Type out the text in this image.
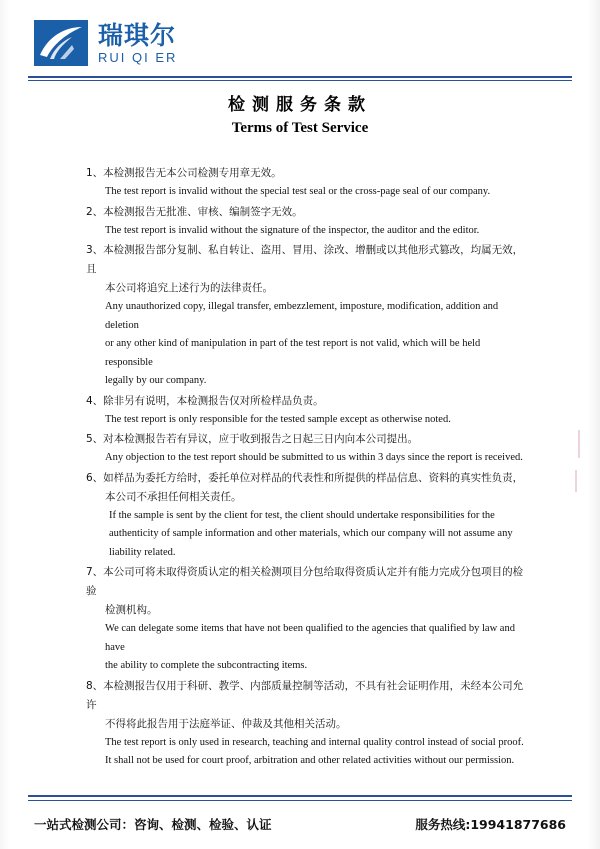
瑞琪尔
RUI QI ER
检测服务条款
Terms of Test Service
1、本检测报告无本公司检测专用章无效。
The test report is invalid without the special test seal or the cross-page seal of our company.
2、本检测报告无批准、审核、编制签字无效。
The test report is invalid without the signature of the inspector, the auditor and the editor.
3、本检测报告部分复制、私自转让、盗用、冒用、涂改、增删或以其他形式篡改，均属无效，且
本公司将追究上述行为的法律责任。
Any unauthorized copy, illegal transfer, embezzlement, imposture, modification, addition and deletion
or any other kind of manipulation in part of the test report is not valid, which will be held responsible
legally by our company.
4、除非另有说明，本检测报告仅对所检样品负责。
The test report is only responsible for the tested sample except as otherwise noted.
5、对本检测报告若有异议，应于收到报告之日起三日内向本公司提出。
Any objection to the test report should be submitted to us within 3 days since the report is received.
6、如样品为委托方给时，委托单位对样品的代表性和所提供的样品信息、资料的真实性负责，
本公司不承担任何相关责任。
If the sample is sent by the client for test, the client should undertake responsibilities for the
authenticity of sample information and other materials, which our company will not assume any
liability related.
7、本公司可将未取得资质认定的相关检测项目分包给取得资质认定并有能力完成分包项目的检验
检测机构。
We can delegate some items that have not been qualified to the agencies that qualified by law and have
the ability to complete the subcontracting items.
8、本检测报告仅用于科研、教学、内部质量控制等活动，不具有社会证明作用，未经本公司允许
不得将此报告用于法庭举证、仲裁及其他相关活动。
The test report is only used in research, teaching and internal quality control instead of social proof.
It shall not be used for court proof, arbitration and other related activities without our permission.
一站式检测公司：咨询、检测、检验、认证	服务热线:19941877686
